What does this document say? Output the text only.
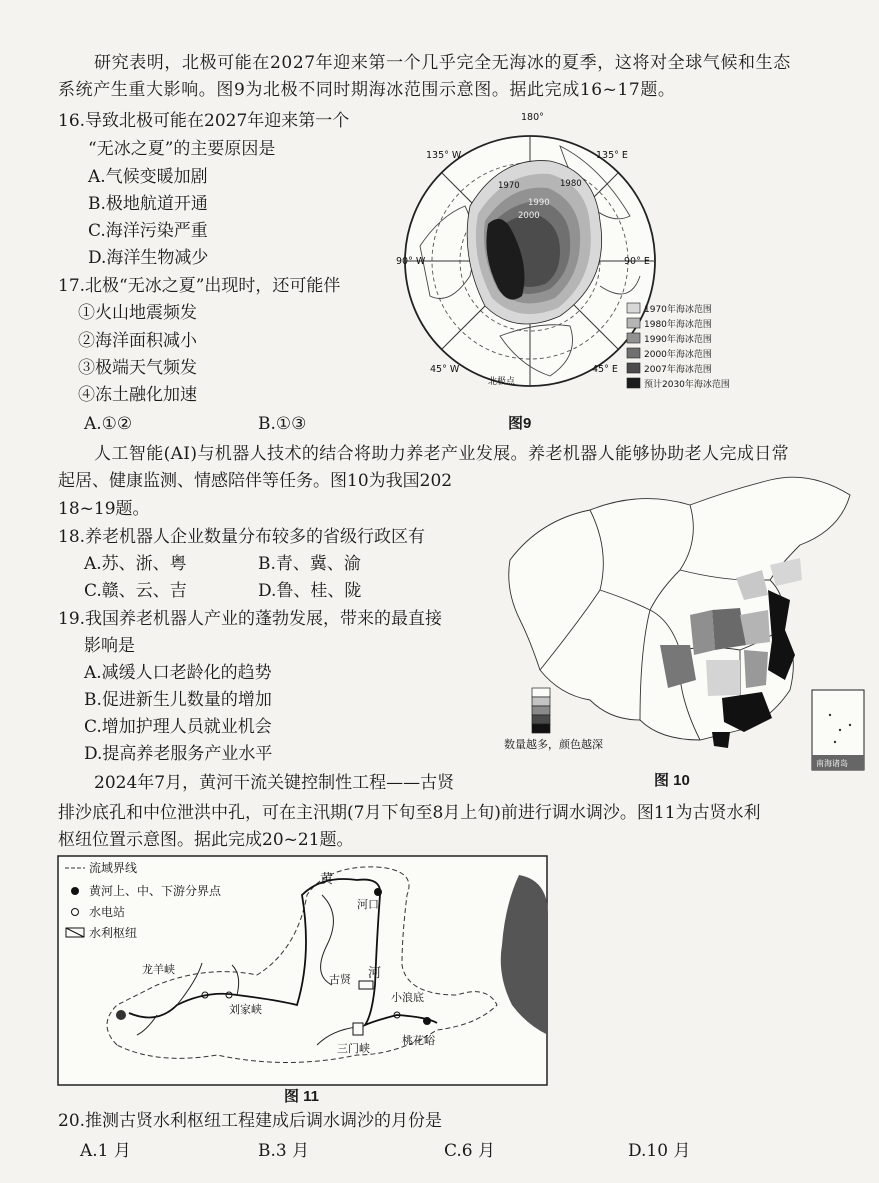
研究表明，北极可能在2027年迎来第一个几乎完全无海冰的夏季，这将对全球气候和生态
系统产生重大影响。图9为北极不同时期海冰范围示意图。据此完成16~17题。
16.导致北极可能在2027年迎来第一个
“无冰之夏”的主要原因是
A.气候变暖加剧
B.极地航道开通
C.海洋污染严重
D.海洋生物减少
17.北极“无冰之夏”出现时，还可能伴
①火山地震频发
②海洋面积减小
③极端天气频发
④冻土融化加速
A.①②	B.①③
1970	1980
1990
2000
180°
135° W	135° E
90° W	90° E
45° W	45° E
北极点
1970年海冰范围
1980年海冰范围
1990年海冰范围
2000年海冰范围
2007年海冰范围
预计2030年海冰范围
图9
人工智能(AI)与机器人技术的结合将助力养老产业发展。养老机器人能够协助老人完成日常
起居、健康监测、情感陪伴等任务。图10为我国202
18~19题。
18.养老机器人企业数量分布较多的省级行政区有
A.苏、浙、粤	B.青、冀、渝
C.赣、云、吉	D.鲁、桂、陇
19.我国养老机器人产业的蓬勃发展，带来的最直接
影响是
A.减缓人口老龄化的趋势
B.促进新生儿数量的增加
C.增加护理人员就业机会
D.提高养老服务产业水平	数量越多，颜色越深
南海诸岛
图 10
2024年7月，黄河干流关键控制性工程——古贤
排沙底孔和中位泄洪中孔，可在主汛期(7月下旬至8月上旬)前进行调水调沙。图11为古贤水利
枢纽位置示意图。据此完成20~21题。
流域界线
黄河上、中、下游分界点
水电站
水利枢纽
黄
河
河口
龙羊峡
刘家峡
古贤
小浪底
三门峡
桃花峪
图 11
20.推测古贤水利枢纽工程建成后调水调沙的月份是
A.1 月	B.3 月	C.6 月	D.10 月
